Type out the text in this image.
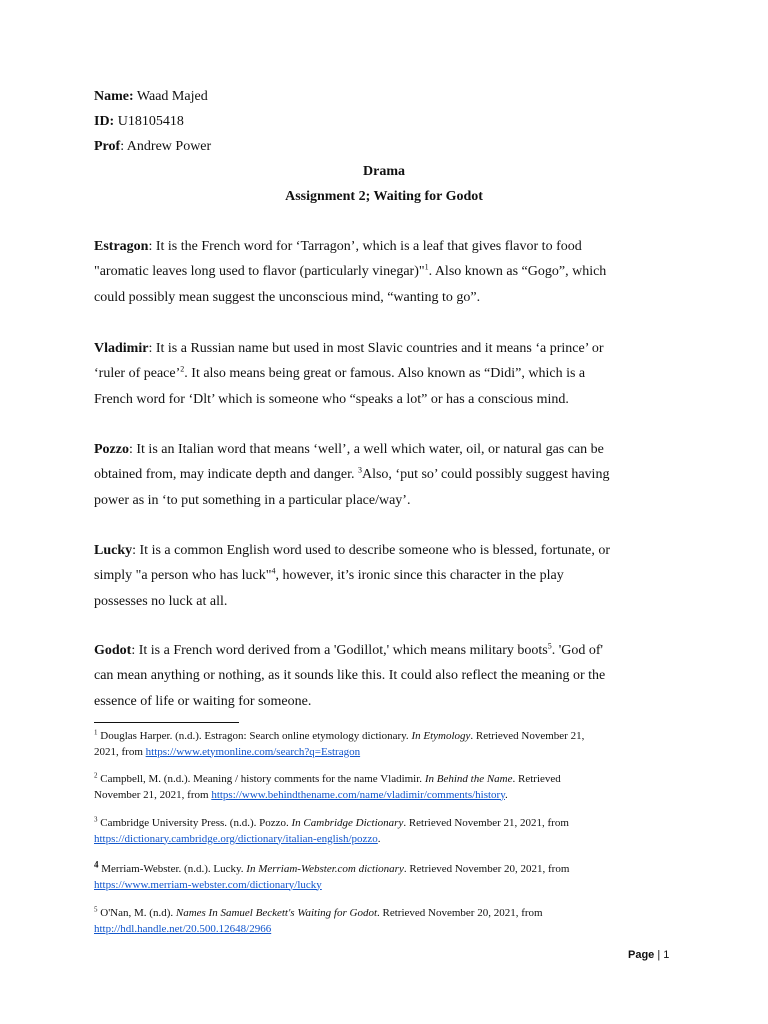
Name: Waad Majed
ID: U18105418
Prof: Andrew Power
Drama
Assignment 2; Waiting for Godot
Estragon: It is the French word for ‘Tarragon’, which is a leaf that gives flavor to food
"aromatic leaves long used to flavor (particularly vinegar)"$^1$. Also known as “Gogo”, which
could possibly mean suggest the unconscious mind, “wanting to go”.
Vladimir: It is a Russian name but used in most Slavic countries and it means ‘a prince’ or
‘ruler of peace’$^2$. It also means being great or famous. Also known as “Didi”, which is a
French word for ‘Dlt’ which is someone who “speaks a lot” or has a conscious mind.
Pozzo: It is an Italian word that means ‘well’, a well which water, oil, or natural gas can be
obtained from, may indicate depth and danger. $^3$Also, ‘put so’ could possibly suggest having
power as in ‘to put something in a particular place/way’.
Lucky: It is a common English word used to describe someone who is blessed, fortunate, or
simply "a person who has luck"$^4$, however, it’s ironic since this character in the play
possesses no luck at all.
Godot: It is a French word derived from a 'Godillot,' which means military boots$^5$. 'God of'
can mean anything or nothing, as it sounds like this. It could also reflect the meaning or the
essence of life or waiting for someone.
$^1$ Douglas Harper. (n.d.). Estragon: Search online etymology dictionary. In Etymology. Retrieved November 21,
2021, from https://www.etymonline.com/search?q=Estragon
$^2$ Campbell, M. (n.d.). Meaning / history comments for the name Vladimir. In Behind the Name. Retrieved
November 21, 2021, from https://www.behindthename.com/name/vladimir/comments/history.
$^3$ Cambridge University Press. (n.d.). Pozzo. In Cambridge Dictionary. Retrieved November 21, 2021, from
https://dictionary.cambridge.org/dictionary/italian-english/pozzo.
$^4$ Merriam-Webster. (n.d.). Lucky. In Merriam-Webster.com dictionary. Retrieved November 20, 2021, from
https://www.merriam-webster.com/dictionary/lucky
$^5$ O'Nan, M. (n.d). Names In Samuel Beckett's Waiting for Godot. Retrieved November 20, 2021, from
http://hdl.handle.net/20.500.12648/2966
Page | 1
